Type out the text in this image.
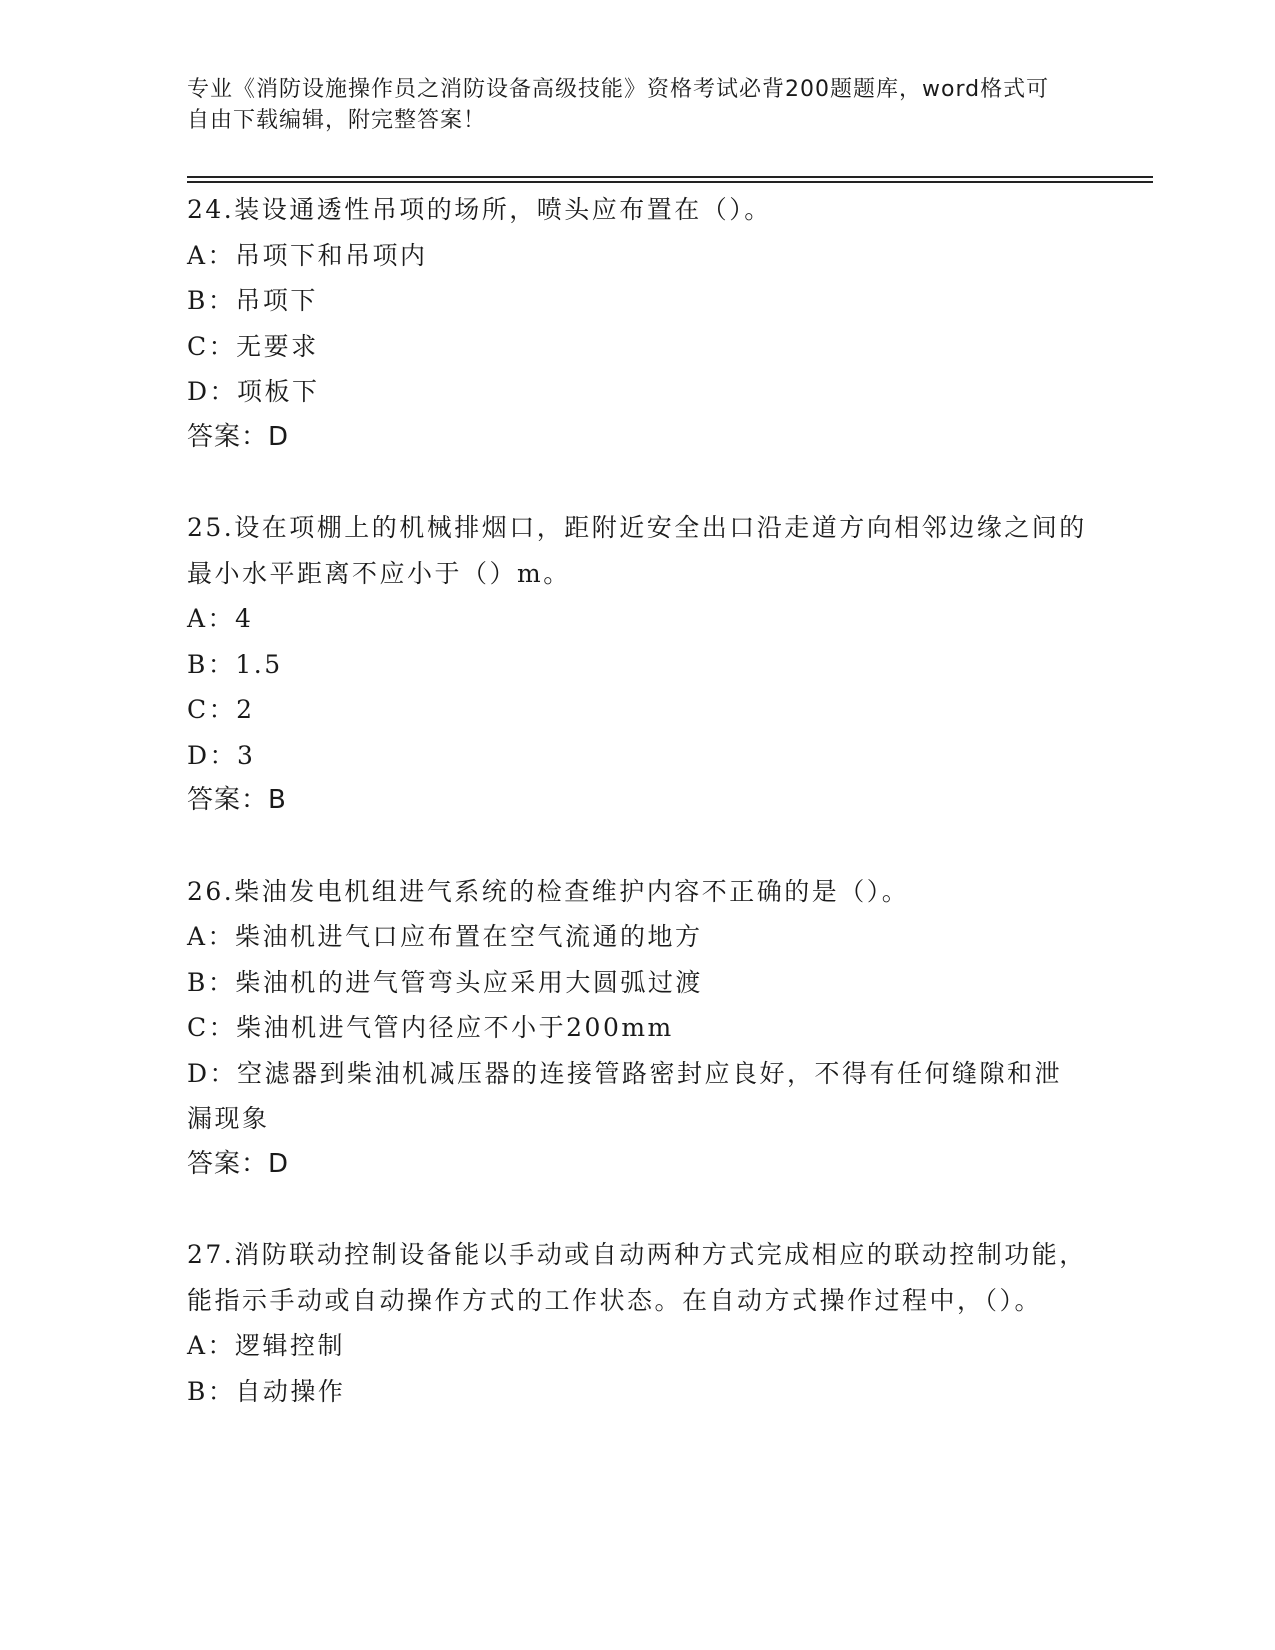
专业《消防设施操作员之消防设备高级技能》资格考试必背200题题库，word格式可自由下载编辑，附完整答案！

24.装设通透性吊项的场所，喷头应布置在（）。

A：吊项下和吊项内

B：吊项下

C：无要求

D：项板下

答案：D

25.设在项棚上的机械排烟口，距附近安全出口沿走道方向相邻边缘之间的最小水平距离不应小于（）m。

A：4

B：1.5

C：2

D：3

答案：B

26.柴油发电机组进气系统的检查维护内容不正确的是（）。

A：柴油机进气口应布置在空气流通的地方

B：柴油机的进气管弯头应采用大圆弧过渡

C：柴油机进气管内径应不小于200mm

D：空滤器到柴油机减压器的连接管路密封应良好，不得有任何缝隙和泄漏现象

答案：D

27.消防联动控制设备能以手动或自动两种方式完成相应的联动控制功能，能指示手动或自动操作方式的工作状态。在自动方式操作过程中，（）。

A：逻辑控制

B：自动操作
